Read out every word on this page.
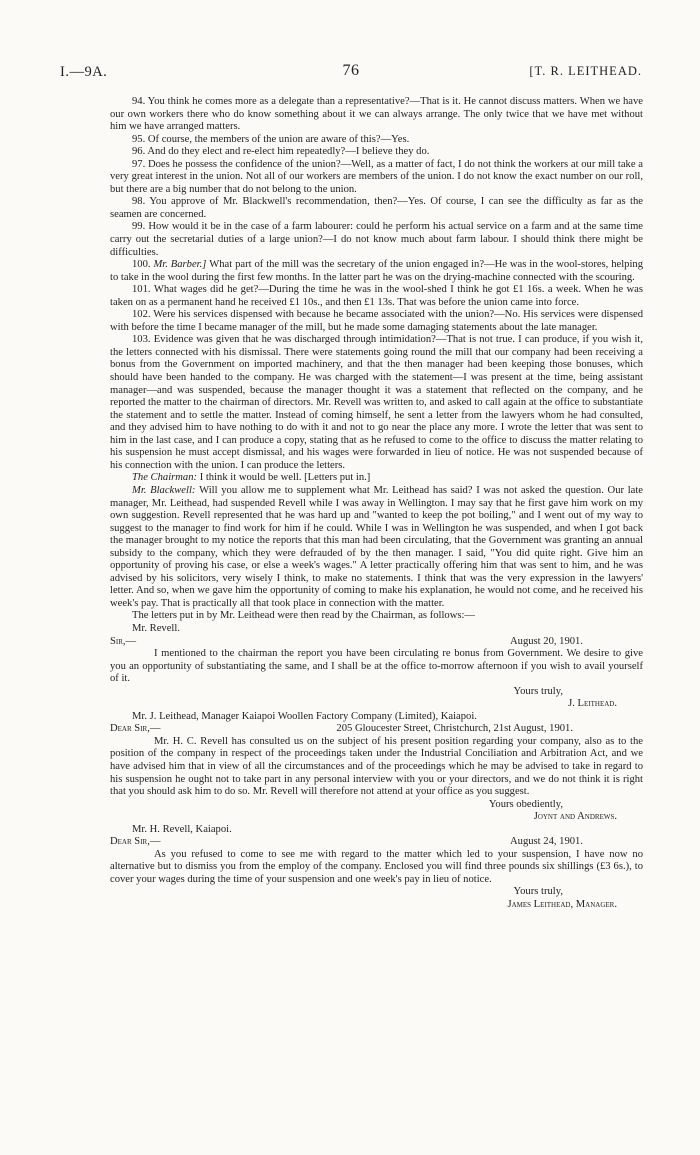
I.—9A.	76	[T. R. LEITHEAD.

94. You think he comes more as a delegate than a representative?—That is it. He cannot discuss matters. When we have our own workers there who do know something about it we can always arrange. The only twice that we have met without him we have arranged matters.

95. Of course, the members of the union are aware of this?—Yes.

96. And do they elect and re-elect him repeatedly?—I believe they do.

97. Does he possess the confidence of the union?—Well, as a matter of fact, I do not think the workers at our mill take a very great interest in the union. Not all of our workers are members of the union. I do not know the exact number on our roll, but there are a big number that do not belong to the union.

98. You approve of Mr. Blackwell's recommendation, then?—Yes. Of course, I can see the difficulty as far as the seamen are concerned.

99. How would it be in the case of a farm labourer: could he perform his actual service on a farm and at the same time carry out the secretarial duties of a large union?—I do not know much about farm labour. I should think there might be difficulties.

100. Mr. Barber.] What part of the mill was the secretary of the union engaged in?—He was in the wool-stores, helping to take in the wool during the first few months. In the latter part he was on the drying-machine connected with the scouring.

101. What wages did he get?—During the time he was in the wool-shed I think he got £1 16s. a week. When he was taken on as a permanent hand he received £1 10s., and then £1 13s. That was before the union came into force.

102. Were his services dispensed with because he became associated with the union?—No. His services were dispensed with before the time I became manager of the mill, but he made some damaging statements about the late manager.

103. Evidence was given that he was discharged through intimidation?—That is not true. I can produce, if you wish it, the letters connected with his dismissal. There were statements going round the mill that our company had been receiving a bonus from the Government on imported machinery, and that the then manager had been keeping those bonuses, which should have been handed to the company. He was charged with the statement—I was present at the time, being assistant manager—and was suspended, because the manager thought it was a statement that reflected on the company, and he reported the matter to the chairman of directors. Mr. Revell was written to, and asked to call again at the office to substantiate the statement and to settle the matter. Instead of coming himself, he sent a letter from the lawyers whom he had consulted, and they advised him to have nothing to do with it and not to go near the place any more. I wrote the letter that was sent to him in the last case, and I can produce a copy, stating that as he refused to come to the office to discuss the matter relating to his suspension he must accept dismissal, and his wages were forwarded in lieu of notice. He was not suspended because of his connection with the union. I can produce the letters.

The Chairman: I think it would be well. [Letters put in.]

Mr. Blackwell: Will you allow me to supplement what Mr. Leithead has said? I was not asked the question. Our late manager, Mr. Leithead, had suspended Revell while I was away in Wellington. I may say that he first gave him work on my own suggestion. Revell represented that he was hard up and "wanted to keep the pot boiling," and I went out of my way to suggest to the manager to find work for him if he could. While I was in Wellington he was suspended, and when I got back the manager brought to my notice the reports that this man had been circulating, that the Government was granting an annual subsidy to the company, which they were defrauded of by the then manager. I said, "You did quite right. Give him an opportunity of proving his case, or else a week's wages." A letter practically offering him that was sent to him, and he was advised by his solicitors, very wisely I think, to make no statements. I think that was the very expression in the lawyers' letter. And so, when we gave him the opportunity of coming to make his explanation, he would not come, and he received his week's pay. That is practically all that took place in connection with the matter.

The letters put in by Mr. Leithead were then read by the Chairman, as follows:—

Mr. Revell.

Sir,—	August 20, 1901.

I mentioned to the chairman the report you have been circulating re bonus from Government. We desire to give you an opportunity of substantiating the same, and I shall be at the office to-morrow afternoon if you wish to avail yourself of it.

Yours truly,

J. Leithead.

Mr. J. Leithead, Manager Kaiapoi Woollen Factory Company (Limited), Kaiapoi.

Dear Sir,—	205 Gloucester Street, Christchurch, 21st August, 1901.

Mr. H. C. Revell has consulted us on the subject of his present position regarding your company, also as to the position of the company in respect of the proceedings taken under the Industrial Conciliation and Arbitration Act, and we have advised him that in view of all the circumstances and of the proceedings which he may be advised to take in regard to his suspension he ought not to take part in any personal interview with you or your directors, and we do not think it is right that you should ask him to do so. Mr. Revell will therefore not attend at your office as you suggest.

Yours obediently,

Joynt and Andrews.

Mr. H. Revell, Kaiapoi.

Dear Sir,—	August 24, 1901.

As you refused to come to see me with regard to the matter which led to your suspension, I have now no alternative but to dismiss you from the employ of the company. Enclosed you will find three pounds six shillings (£3 6s.), to cover your wages during the time of your suspension and one week's pay in lieu of notice.

Yours truly,

James Leithead, Manager.
